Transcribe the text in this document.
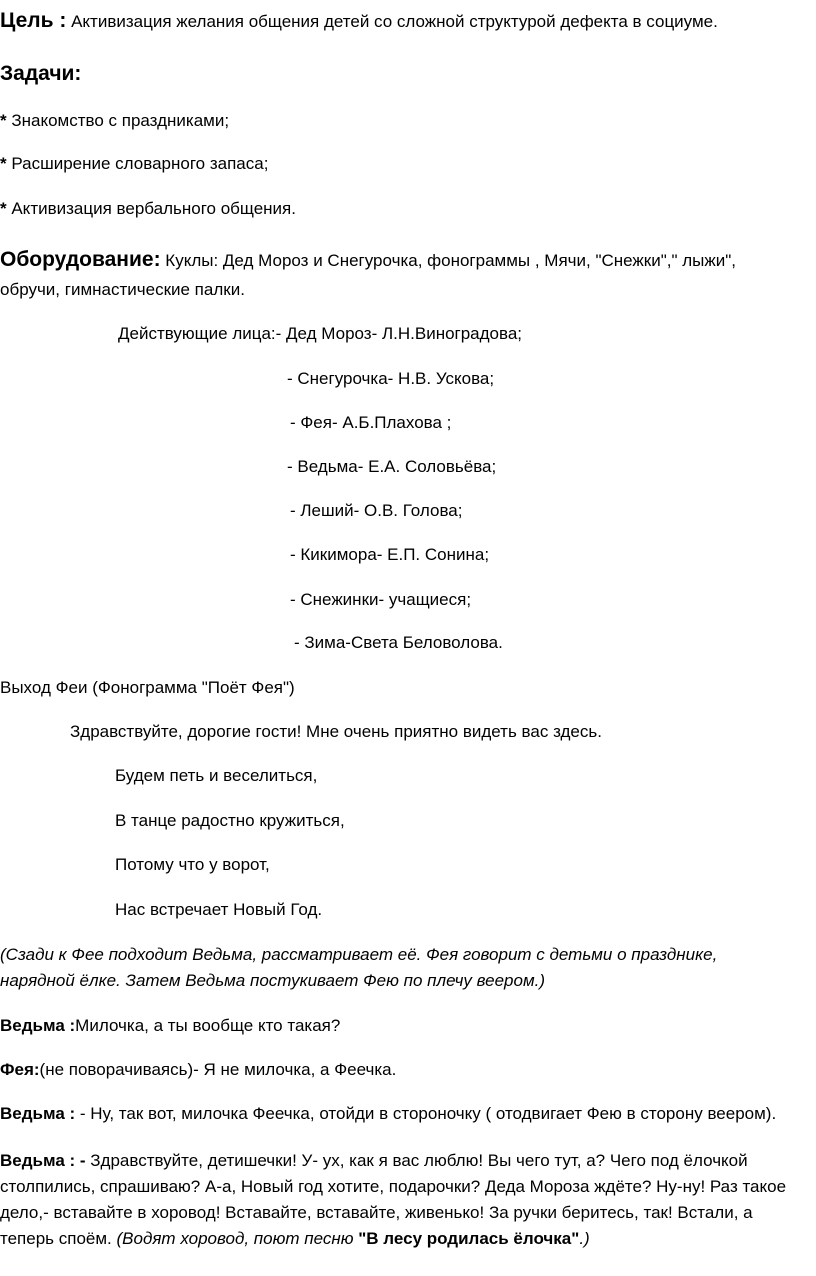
Цель : Активизация желания общения детей со сложной структурой дефекта в социуме.
Задачи:
* Знакомство с праздниками;
* Расширение словарного запаса;
* Активизация вербального общения.
Оборудование: Куклы: Дед Мороз и Снегурочка, фонограммы , Мячи, "Снежки"," лыжи",
обручи, гимнастические палки.
Действующие лица:- Дед Мороз- Л.Н.Виноградова;
- Снегурочка- Н.В. Ускова;
- Фея- А.Б.Плахова ;
- Ведьма- Е.А. Соловьёва;
- Леший- О.В. Голова;
- Кикимора- Е.П. Сонина;
- Снежинки- учащиеся;
- Зима-Света Беловолова.
Выход Феи (Фонограмма "Поёт Фея")
Здравствуйте, дорогие гости! Мне очень приятно видеть вас здесь.
Будем петь и веселиться,
В танце радостно кружиться,
Потому что у ворот,
Нас встречает Новый Год.
(Сзади к Фее подходит Ведьма, рассматривает её. Фея говорит с детьми о празднике,
нарядной ёлке. Затем Ведьма постукивает Фею по плечу веером.)
Ведьма :Милочка, а ты вообще кто такая?
Фея:(не поворачиваясь)- Я не милочка, а Феечка.
Ведьма : - Ну, так вот, милочка Феечка, отойди в стороночку ( отодвигает Фею в сторону веером).
Ведьма : - Здравствуйте, детишечки! У- ух, как я вас люблю! Вы чего тут, а? Чего под ёлочкой
столпились, спрашиваю? А-а, Новый год хотите, подарочки? Деда Мороза ждёте? Ну-ну! Раз такое
дело,- вставайте в хоровод! Вставайте, вставайте, живенько! За ручки беритесь, так! Встали, а
теперь споём. (Водят хоровод, поют песню "В лесу родилась ёлочка".)
